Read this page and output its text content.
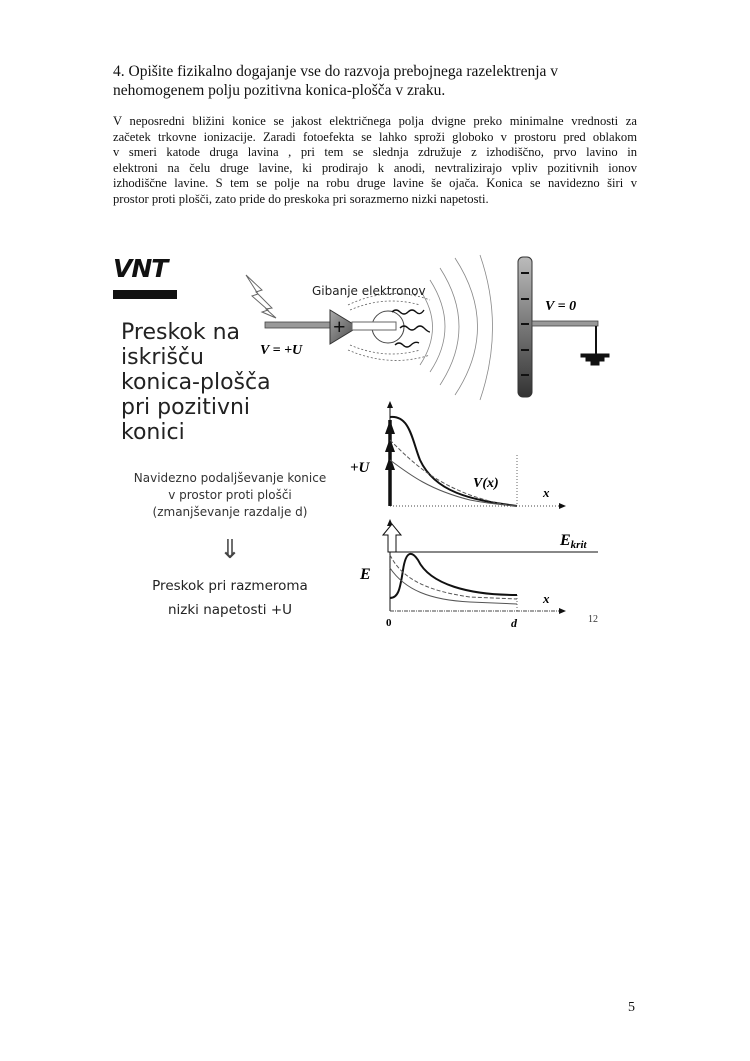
4. Opišite fizikalno dogajanje vse do razvoja prebojnega razelektrenja v
nehomogenem polju pozitivna konica-plošča v zraku.
V neposredni bližini konice se jakost električnega polja dvigne preko minimalne vrednosti za
začetek trkovne ionizacije. Zaradi fotoefekta se lahko sproži globoko v prostoru pred oblakom
v smeri katode druga lavina , pri tem se slednja združuje z izhodiščno, prvo lavino in
elektroni na čelu druge lavine, ki prodirajo k anodi, nevtralizirajo vpliv pozitivnih ionov
izhodiščne lavine. S tem se polje na robu druge lavine še ojača. Konica se navidezno širi v
prostor proti plošči, zato pride do preskoka pri sorazmerno nizki napetosti.
VNT
Preskok na
iskrišču
konica-plošča
pri pozitivni
konici
Navidezno podaljševanje konice
v prostor proti plošči
(zmanjševanje razdalje d)
⇓
Preskok pri razmeroma
nizki napetosti +U
+
Gibanje elektronov
V = +U
V = 0
+U
V(x)
x
E
Ekrit
x
0	d	12
5
